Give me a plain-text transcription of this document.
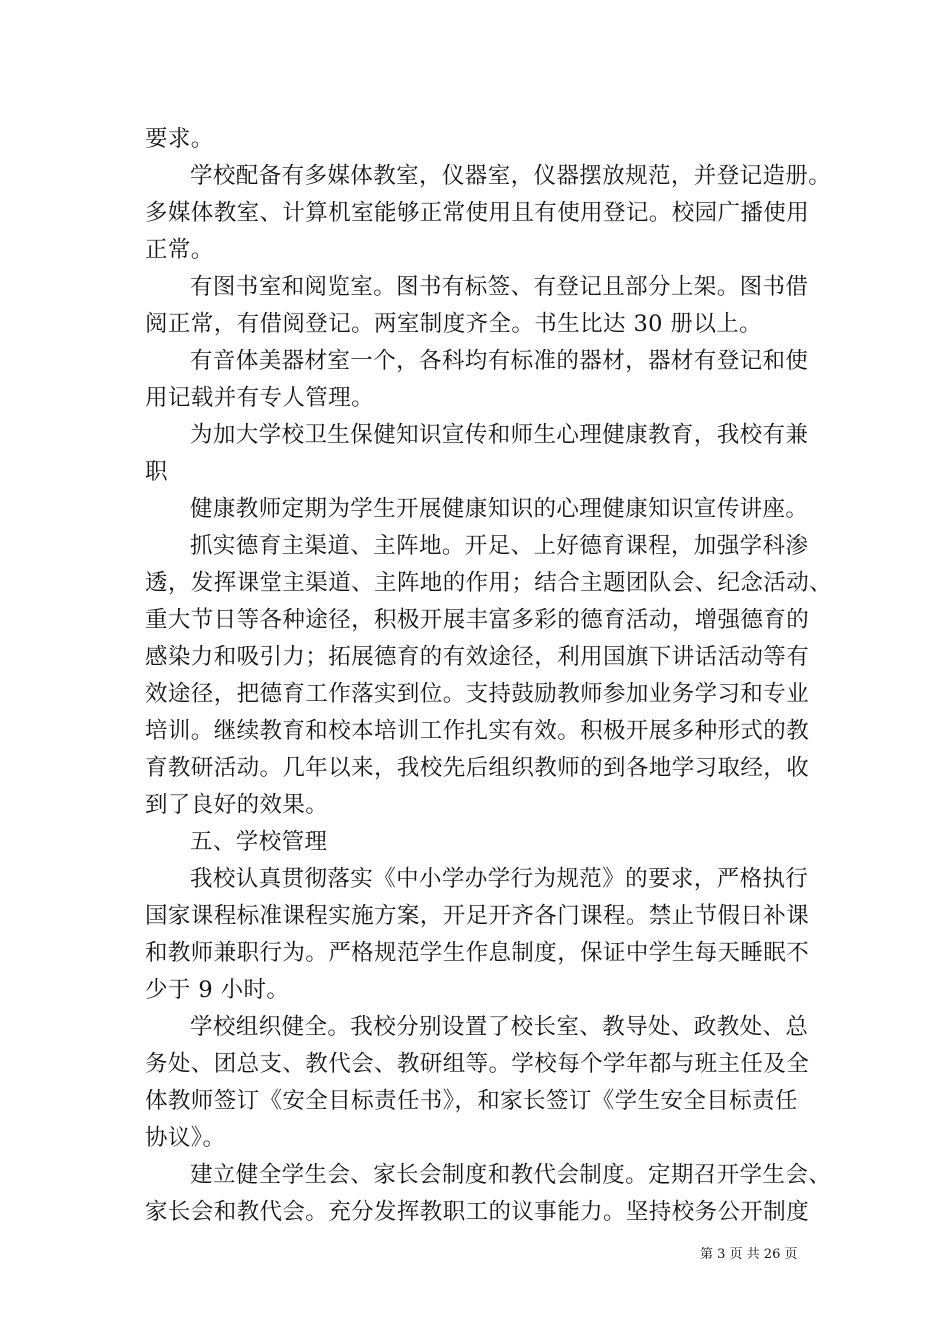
要求。
学校配备有多媒体教室，仪器室，仪器摆放规范，并登记造册。
多媒体教室、计算机室能够正常使用且有使用登记。校园广播使用
正常。
有图书室和阅览室。图书有标签、有登记且部分上架。图书借
阅正常，有借阅登记。两室制度齐全。书生比达 30 册以上。
有音体美器材室一个，各科均有标准的器材，器材有登记和使
用记载并有专人管理。
为加大学校卫生保健知识宣传和师生心理健康教育，我校有兼
职
健康教师定期为学生开展健康知识的心理健康知识宣传讲座。
抓实德育主渠道、主阵地。开足、上好德育课程，加强学科渗
透，发挥课堂主渠道、主阵地的作用；结合主题团队会、纪念活动、
重大节日等各种途径，积极开展丰富多彩的德育活动，增强德育的
感染力和吸引力；拓展德育的有效途径，利用国旗下讲话活动等有
效途径，把德育工作落实到位。支持鼓励教师参加业务学习和专业
培训。继续教育和校本培训工作扎实有效。积极开展多种形式的教
育教研活动。几年以来，我校先后组织教师的到各地学习取经，收
到了良好的效果。
五、学校管理
我校认真贯彻落实《中小学办学行为规范》的要求，严格执行
国家课程标准课程实施方案，开足开齐各门课程。禁止节假日补课
和教师兼职行为。严格规范学生作息制度，保证中学生每天睡眠不
少于 9 小时。
学校组织健全。我校分别设置了校长室、教导处、政教处、总
务处、团总支、教代会、教研组等。学校每个学年都与班主任及全
体教师签订《安全目标责任书》，和家长签订《学生安全目标责任
协议》。
建立健全学生会、家长会制度和教代会制度。定期召开学生会、
家长会和教代会。充分发挥教职工的议事能力。坚持校务公开制度
第 3 页 共 26 页
